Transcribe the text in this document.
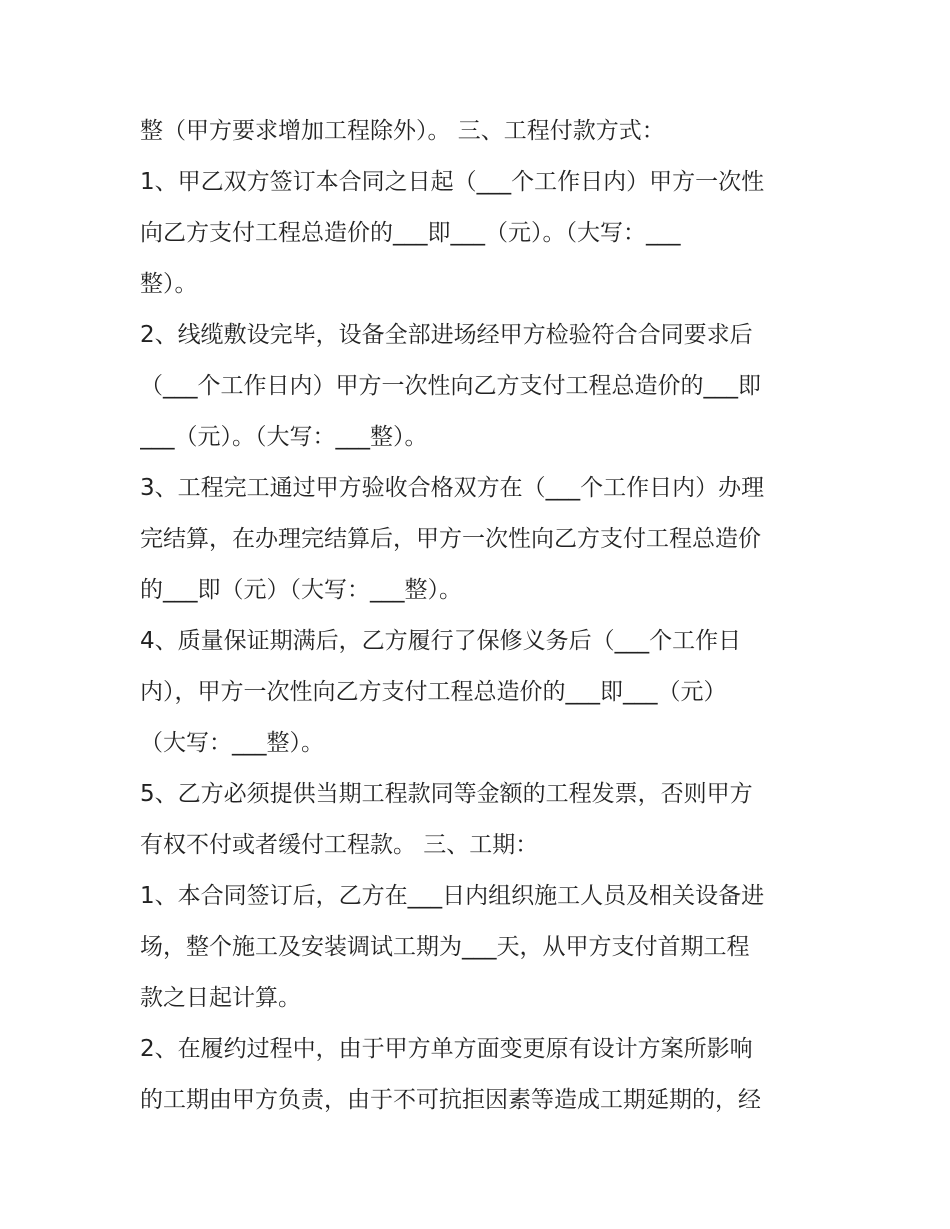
整（甲方要求增加工程除外）。 三、工程付款方式：
1、甲乙双方签订本合同之日起（___个工作日内）甲方一次性
向乙方支付工程总造价的___即___（元）。（大写：___
整）。
2、线缆敷设完毕，设备全部进场经甲方检验符合合同要求后
（___个工作日内）甲方一次性向乙方支付工程总造价的___即
___（元）。（大写：___整）。
3、工程完工通过甲方验收合格双方在（___个工作日内）办理
完结算，在办理完结算后，甲方一次性向乙方支付工程总造价
的___即（元）（大写：___整）。
4、质量保证期满后，乙方履行了保修义务后（___个工作日
内），甲方一次性向乙方支付工程总造价的___即___（元）
（大写：___整）。
5、乙方必须提供当期工程款同等金额的工程发票，否则甲方
有权不付或者缓付工程款。 三、工期：
1、本合同签订后，乙方在___日内组织施工人员及相关设备进
场，整个施工及安装调试工期为___天，从甲方支付首期工程
款之日起计算。
2、在履约过程中，由于甲方单方面变更原有设计方案所影响
的工期由甲方负责，由于不可抗拒因素等造成工期延期的，经
